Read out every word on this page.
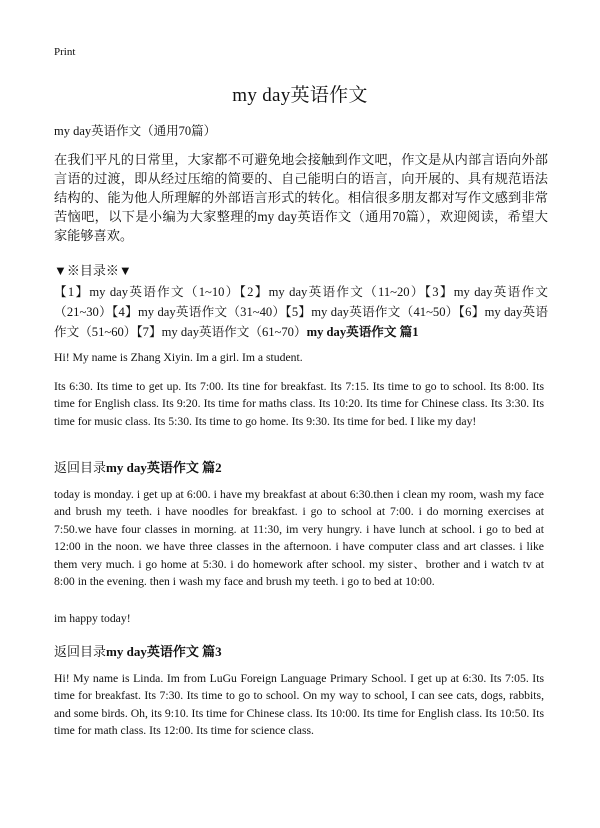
Print
my day英语作文
my day英语作文（通用70篇）
在我们平凡的日常里，大家都不可避免地会接触到作文吧，作文是从内部言语向外部言语的过渡，即从经过压缩的简要的、自己能明白的语言，向开展的、具有规范语法结构的、能为他人所理解的外部语言形式的转化。相信很多朋友都对写作文感到非常苦恼吧，以下是小编为大家整理的my day英语作文（通用70篇），欢迎阅读，希望大家能够喜欢。
▼※目录※▼
【1】my day英语作文（1~10）【2】my day英语作文（11~20）【3】my day英语作文（21~30）【4】my day英语作文（31~40）【5】my day英语作文（41~50）【6】my day英语作文（51~60）【7】my day英语作文（61~70）my day英语作文 篇1
Hi! My name is Zhang Xiyin. Im a girl. Im a student.
Its 6:30. Its time to get up. Its 7:00. Its tine for breakfast. Its 7:15. Its time to go to school. Its 8:00. Its time for English class. Its 9:20. Its time for maths class. Its 10:20. Its time for Chinese class. Its 3:30. Its time for music class. Its 5:30. Its time to go home. Its 9:30. Its time for bed. I like my day!
返回目录my day英语作文 篇2
today is monday. i get up at 6:00. i have my breakfast at about 6:30.then i clean my room, wash my face and brush my teeth. i have noodles for breakfast. i go to school at 7:00. i do morning exercises at 7:50.we have four classes in morning. at 11:30, im very hungry. i have lunch at school. i go to bed at 12:00 in the noon. we have three classes in the afternoon. i have computer class and art classes. i like them very much. i go home at 5:30. i do homework after school. my sister、brother and i watch tv at 8:00 in the evening. then i wash my face and brush my teeth. i go to bed at 10:00.
im happy today!
返回目录my day英语作文 篇3
Hi! My name is Linda. Im from LuGu Foreign Language Primary School. I get up at 6:30. Its 7:05. Its time for breakfast. Its 7:30. Its time to go to school. On my way to school, I can see cats, dogs, rabbits, and some birds. Oh, its 9:10. Its time for Chinese class. Its 10:00. Its time for English class. Its 10:50. Its time for math class. Its 12:00. Its time for science class.
